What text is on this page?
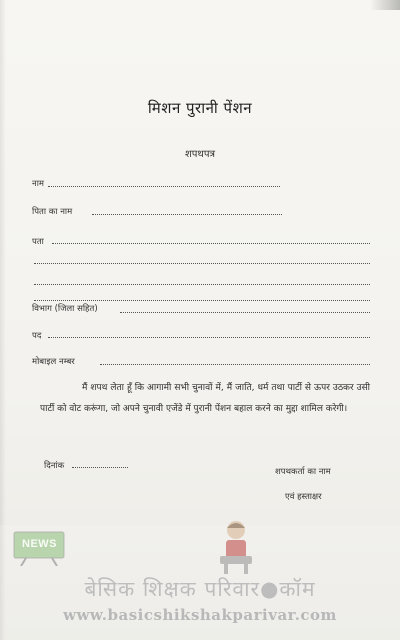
मिशन पुरानी पेंशन
शपथपत्र
नाम
पिता का नाम
पता
विभाग (जिला सहित)
पद
मोबाइल नम्बर
मैं शपथ लेता हूँ कि आगामी सभी चुनावों में, मैं जाति, धर्म तथा पार्टी से ऊपर उठकर उसी पार्टी को वोट करूंगा, जो अपने चुनावी एजेंडे में पुरानी पेंशन बहाल करने का मुद्दा शामिल करेगी।
दिनांक
शपथकर्ता का नाम
एवं हस्ताक्षर
NEWS
बेसिक शिक्षक परिवार●कॉम
www.basicshikshakparivar.com
